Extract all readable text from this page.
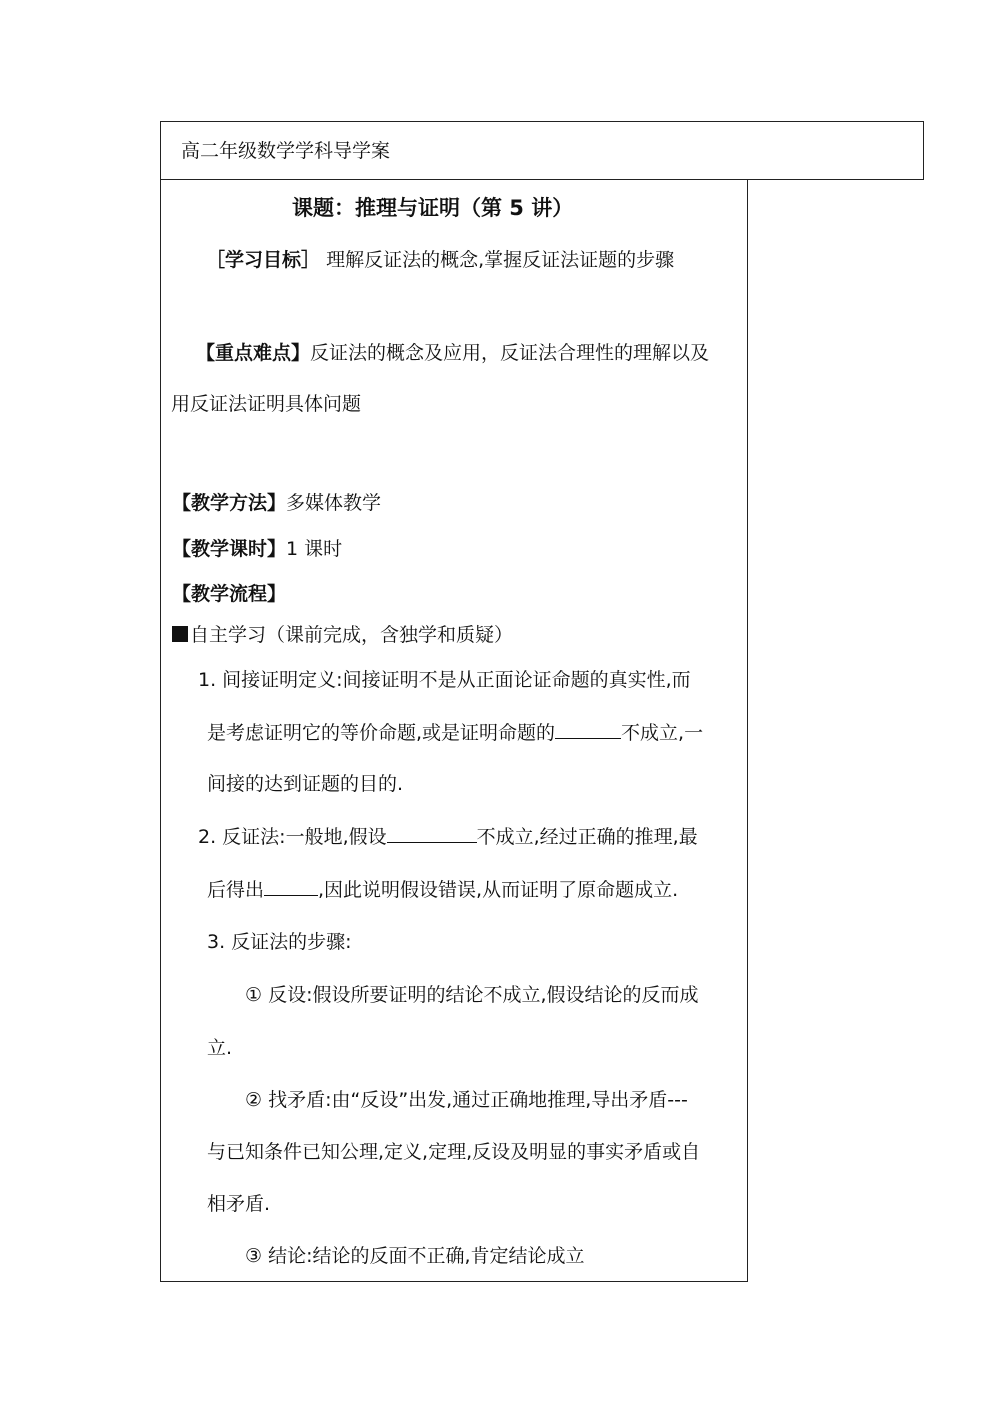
高二年级数学学科导学案
课题：推理与证明（第 5 讲）
［学习目标］ 理解反证法的概念,掌握反证法证题的步骤
【重点难点】反证法的概念及应用，反证法合理性的理解以及
用反证法证明具体问题
【教学方法】多媒体教学
【教学课时】1 课时
【教学流程】
自主学习（课前完成，含独学和质疑）
1. 间接证明定义:间接证明不是从正面论证命题的真实性,而
是考虑证明它的等价命题,或是证明命题的	不成立,一
间接的达到证题的目的.
2. 反证法:一般地,假设	不成立,经过正确的推理,最
后得出	,因此说明假设错误,从而证明了原命题成立.
3. 反证法的步骤:
① 反设:假设所要证明的结论不成立,假设结论的反而成
立.
② 找矛盾:由“反设”出发,通过正确地推理,导出矛盾---
与已知条件已知公理,定义,定理,反设及明显的事实矛盾或自
相矛盾.
③ 结论:结论的反面不正确,肯定结论成立
